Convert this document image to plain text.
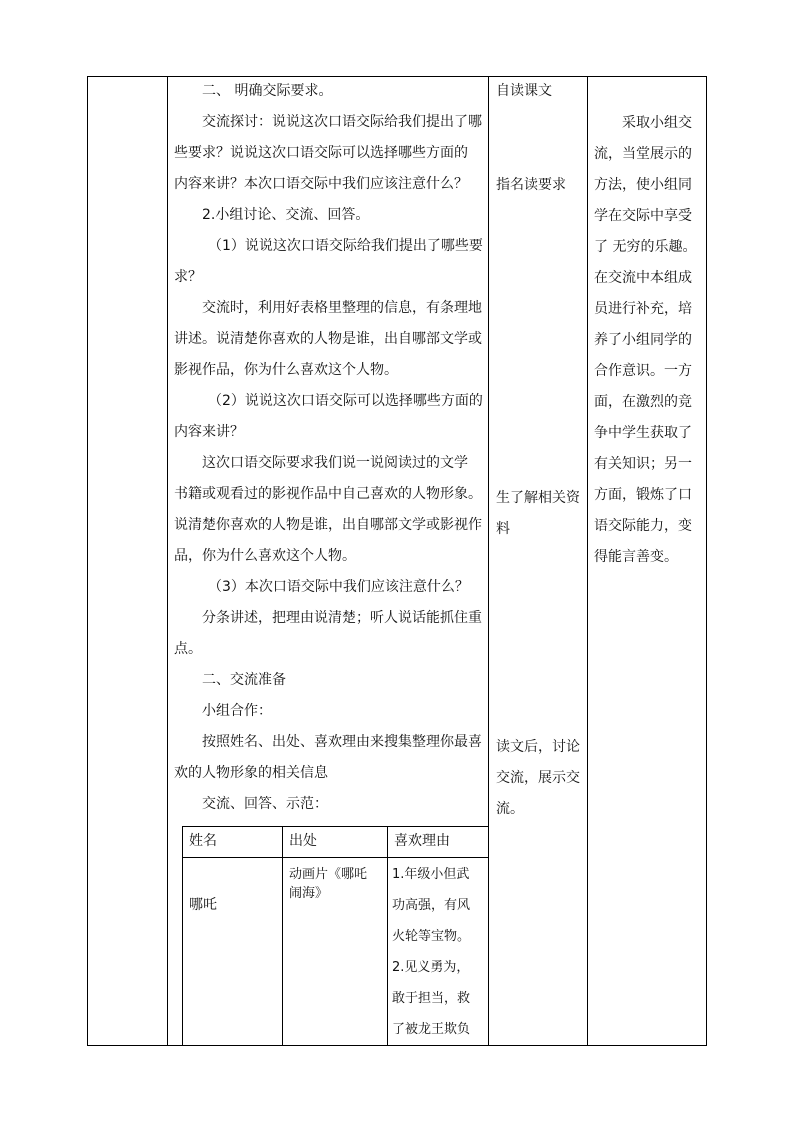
二、 明确交际要求。

交流探讨：说说这次口语交际给我们提出了哪

些要求？说说这次口语交际可以选择哪些方面的

内容来讲？本次口语交际中我们应该注意什么？

2.小组讨论、交流、回答。

（1）说说这次口语交际给我们提出了哪些要

求？

交流时，利用好表格里整理的信息，有条理地

讲述。说清楚你喜欢的人物是谁，出自哪部文学或

影视作品，你为什么喜欢这个人物。

（2）说说这次口语交际可以选择哪些方面的

内容来讲？

这次口语交际要求我们说一说阅读过的文学

书籍或观看过的影视作品中自己喜欢的人物形象。

说清楚你喜欢的人物是谁，出自哪部文学或影视作

品，你为什么喜欢这个人物。

（3）本次口语交际中我们应该注意什么？

分条讲述，把理由说清楚；听人说话能抓住重

点。

二、交流准备

小组合作：

按照姓名、出处、喜欢理由来搜集整理你最喜

欢的人物形象的相关信息

交流、回答、示范：

自读课文
指名读要求
生了解相关资
料
读文后，讨论
交流，展示交
流。

采取小组交

流，当堂展示的

方法，使小组同

学在交际中享受

了 无穷的乐趣。

在交流中本组成

员进行补充，培

养了小组同学的

合作意识。一方

面，在激烈的竞

争中学生获取了

有关知识；另一

方面，锻炼了口

语交际能力，变

得能言善变。

姓名	出处	喜欢理由
哪吒
动画片《哪吒
闹海》

1.年级小但武

功高强，有风

火轮等宝物。

2.见义勇为，

敢于担当，救

了被龙王欺负
